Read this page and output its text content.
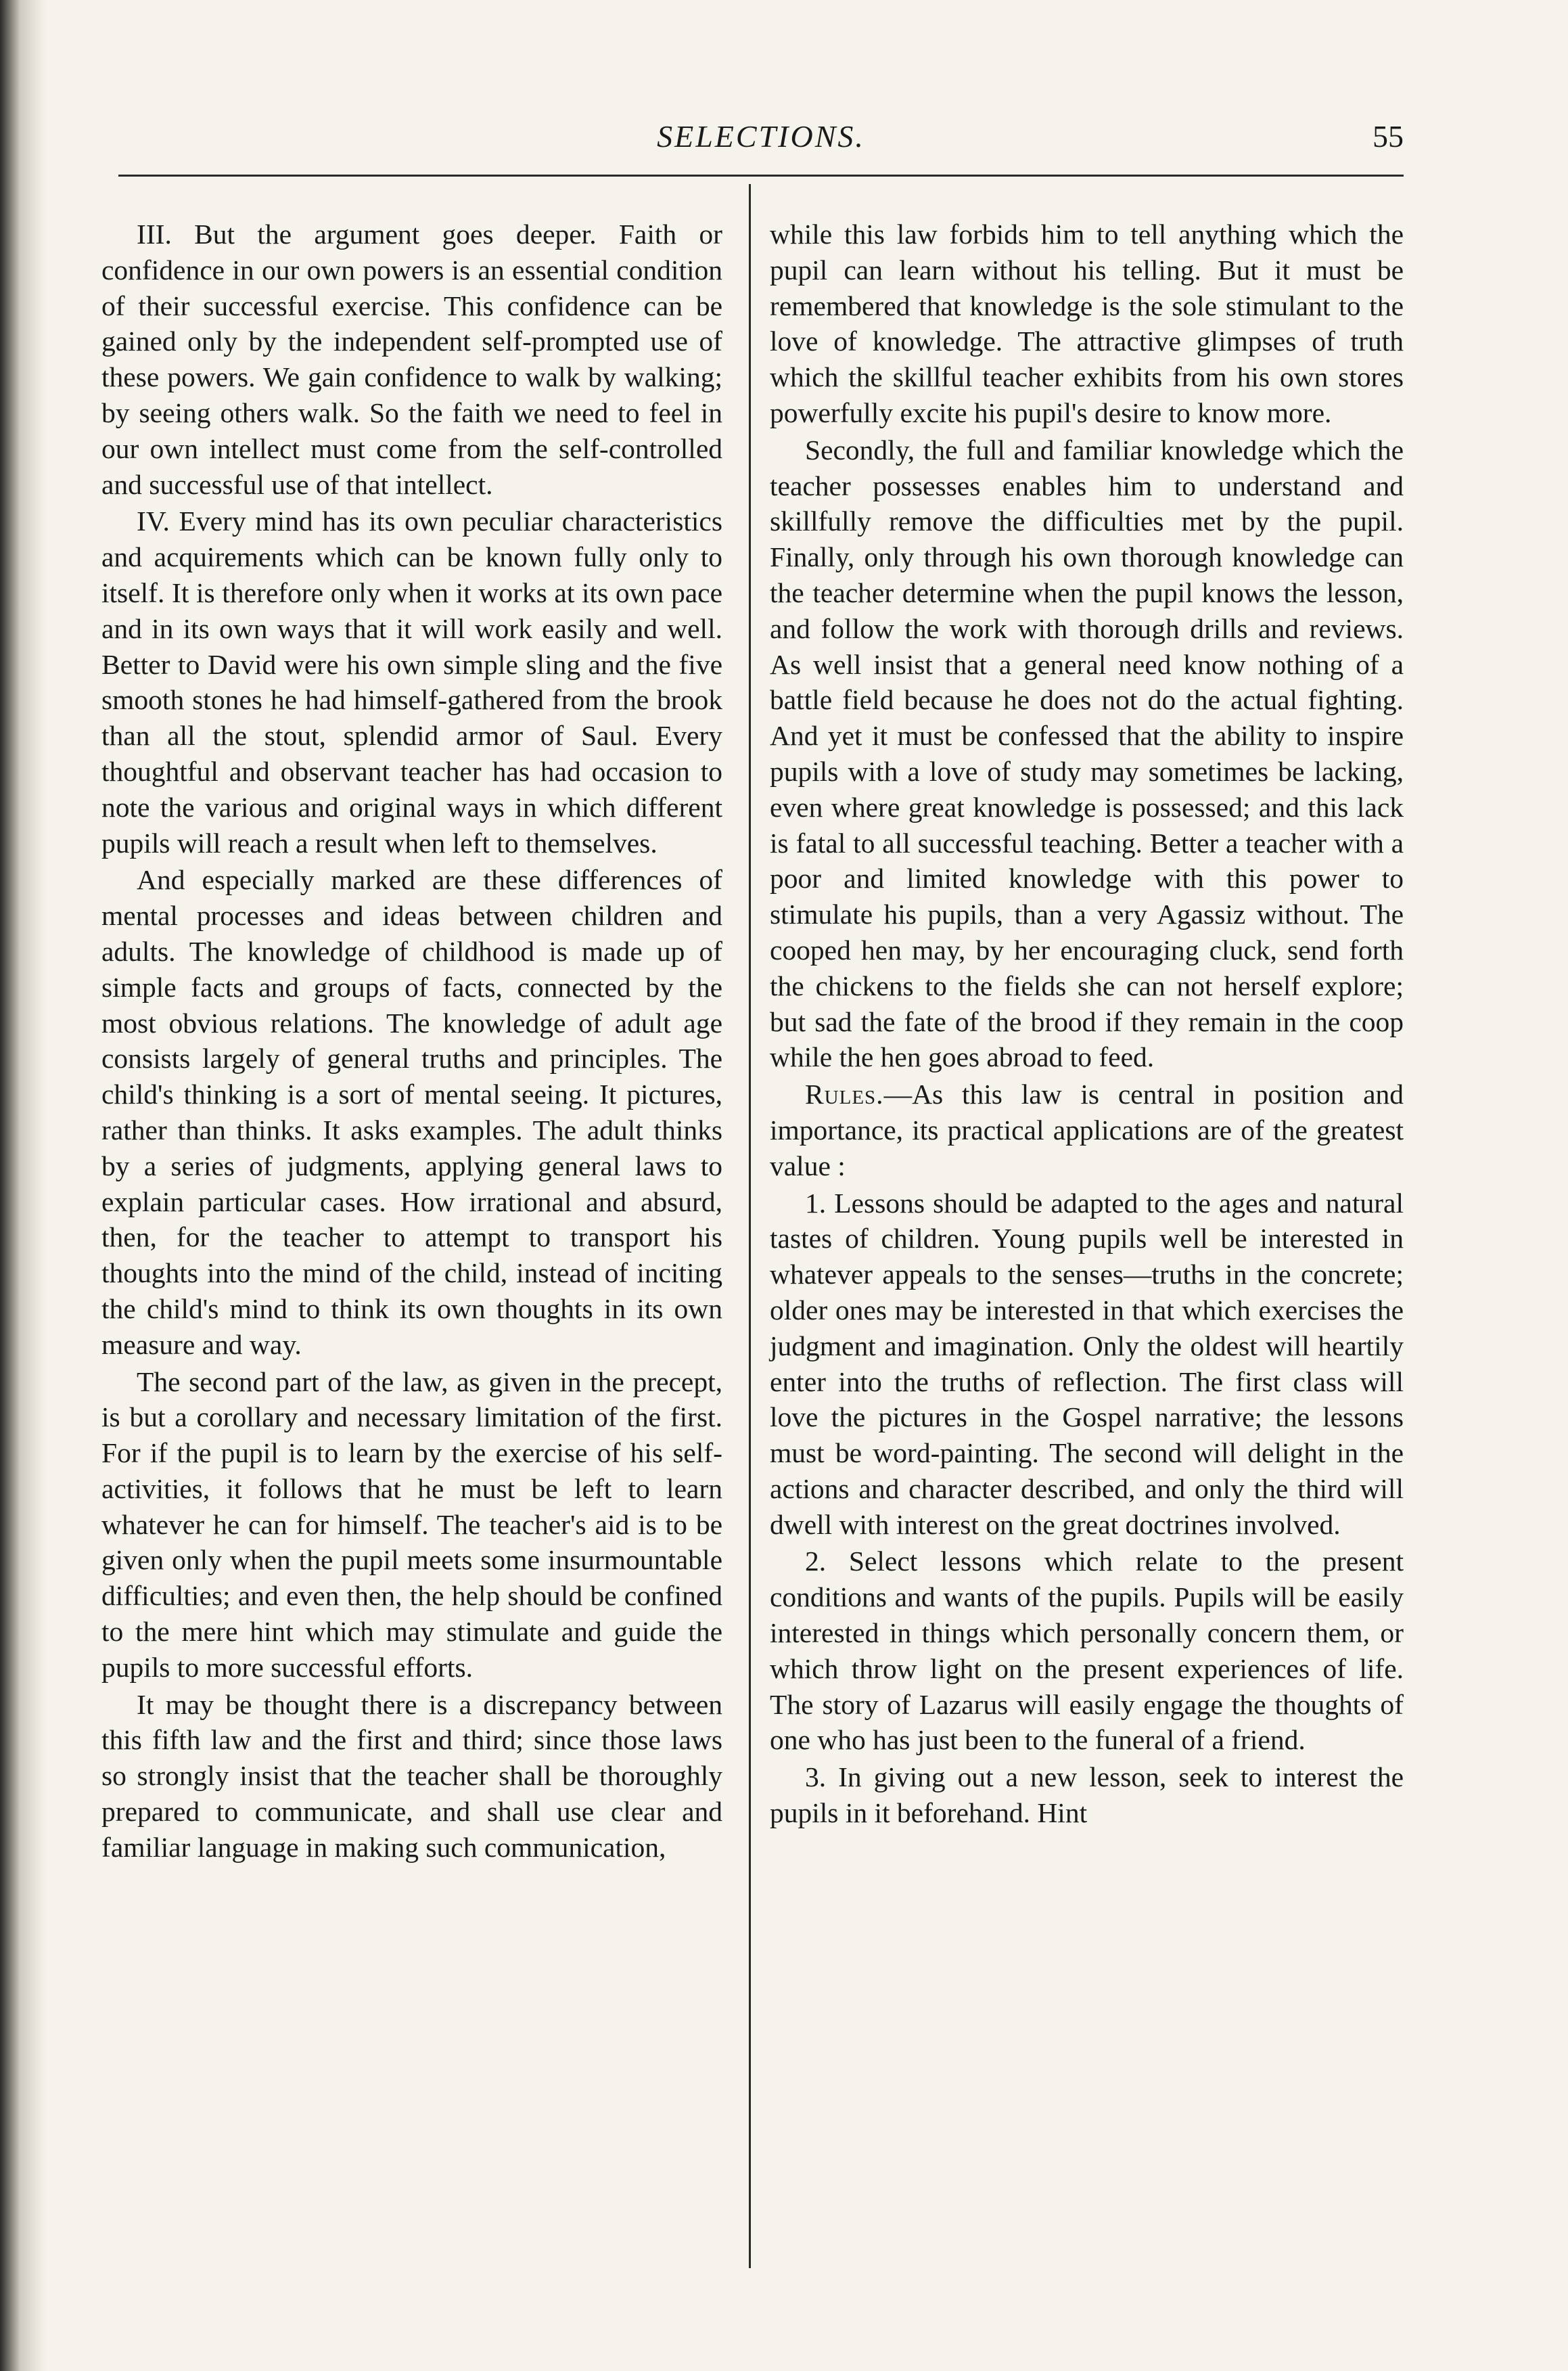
SELECTIONS.	55

III. But the argument goes deeper. Faith or confidence in our own powers is an essential condition of their successful exercise. This confidence can be gained only by the independent self-prompted use of these powers. We gain confidence to walk by walking; by seeing others walk. So the faith we need to feel in our own intellect must come from the self-controlled and successful use of that intellect.

IV. Every mind has its own peculiar characteristics and acquirements which can be known fully only to itself. It is therefore only when it works at its own pace and in its own ways that it will work easily and well. Better to David were his own simple sling and the five smooth stones he had himself-gathered from the brook than all the stout, splendid armor of Saul. Every thoughtful and observant teacher has had occasion to note the various and original ways in which different pupils will reach a result when left to themselves.

And especially marked are these differences of mental processes and ideas between children and adults. The knowledge of childhood is made up of simple facts and groups of facts, connected by the most obvious relations. The knowledge of adult age consists largely of general truths and principles. The child's thinking is a sort of mental seeing. It pictures, rather than thinks. It asks examples. The adult thinks by a series of judgments, applying general laws to explain particular cases. How irrational and absurd, then, for the teacher to attempt to transport his thoughts into the mind of the child, instead of inciting the child's mind to think its own thoughts in its own measure and way.

The second part of the law, as given in the precept, is but a corollary and necessary limitation of the first. For if the pupil is to learn by the exercise of his self-activities, it follows that he must be left to learn whatever he can for himself. The teacher's aid is to be given only when the pupil meets some insurmountable difficulties; and even then, the help should be confined to the mere hint which may stimulate and guide the pupils to more successful efforts.

It may be thought there is a discrepancy between this fifth law and the first and third; since those laws so strongly insist that the teacher shall be thoroughly prepared to communicate, and shall use clear and familiar language in making such communication,

while this law forbids him to tell anything which the pupil can learn without his telling. But it must be remembered that knowledge is the sole stimulant to the love of knowledge. The attractive glimpses of truth which the skillful teacher exhibits from his own stores powerfully excite his pupil's desire to know more.

Secondly, the full and familiar knowledge which the teacher possesses enables him to understand and skillfully remove the difficulties met by the pupil. Finally, only through his own thorough knowledge can the teacher determine when the pupil knows the lesson, and follow the work with thorough drills and reviews. As well insist that a general need know nothing of a battle field because he does not do the actual fighting. And yet it must be confessed that the ability to inspire pupils with a love of study may sometimes be lacking, even where great knowledge is possessed; and this lack is fatal to all successful teaching. Better a teacher with a poor and limited knowledge with this power to stimulate his pupils, than a very Agassiz without. The cooped hen may, by her encouraging cluck, send forth the chickens to the fields she can not herself explore; but sad the fate of the brood if they remain in the coop while the hen goes abroad to feed.

Rules.—As this law is central in position and importance, its practical applications are of the greatest value :

1. Lessons should be adapted to the ages and natural tastes of children. Young pupils well be interested in whatever appeals to the senses—truths in the concrete; older ones may be interested in that which exercises the judgment and imagination. Only the oldest will heartily enter into the truths of reflection. The first class will love the pictures in the Gospel narrative; the lessons must be word-painting. The second will delight in the actions and character described, and only the third will dwell with interest on the great doctrines involved.

2. Select lessons which relate to the present conditions and wants of the pupils. Pupils will be easily interested in things which personally concern them, or which throw light on the present experiences of life. The story of Lazarus will easily engage the thoughts of one who has just been to the funeral of a friend.

3. In giving out a new lesson, seek to interest the pupils in it beforehand. Hint
